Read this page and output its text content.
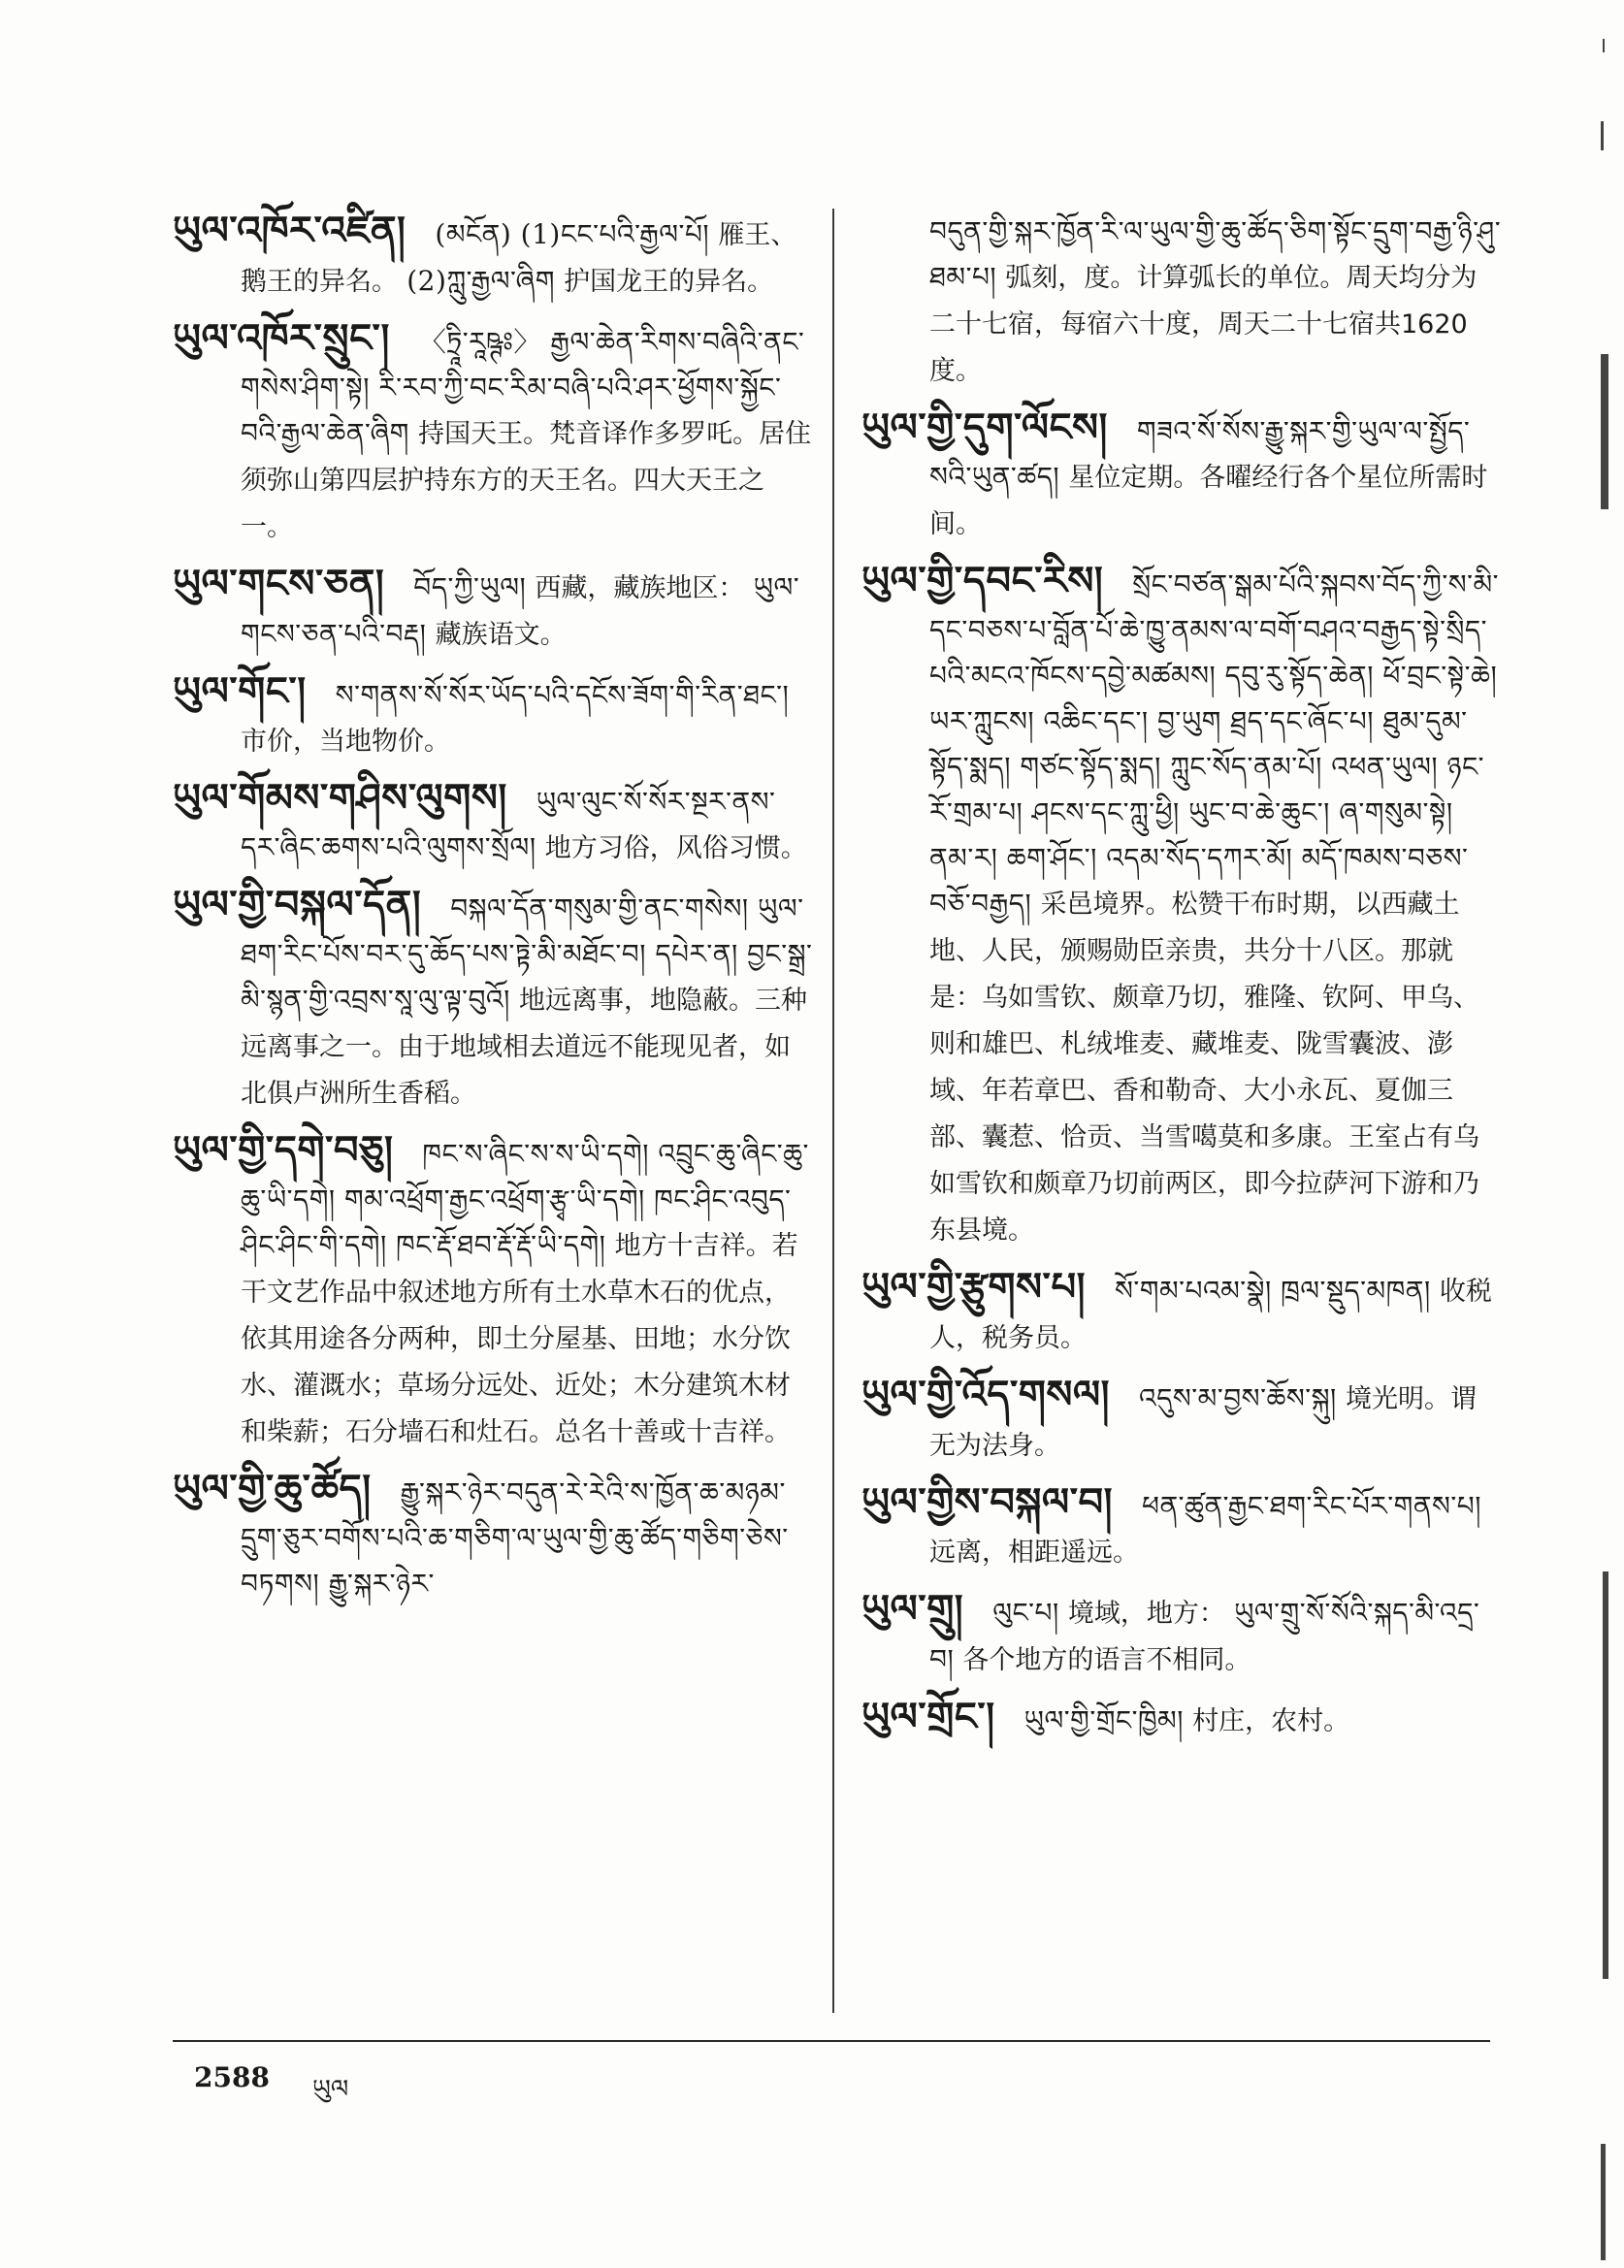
ཡུལ་འཁོར་འཛིན། (མངོན) (1)ངང་པའི་རྒྱལ་པོ། 雁王、鹅王的异名。 (2)ཀླུ་རྒྱལ་ཞིག 护国龙王的异名。
ཡུལ་འཁོར་སྲུང་། 〈ཏྲཱི་རཱཥྚཿ〉 རྒྱལ་ཆེན་རིགས་བཞིའི་ནང་གསེས་ཤིག་སྟེ། རི་རབ་ཀྱི་བང་རིམ་བཞི་པའི་ཤར་ཕྱོགས་སྐྱོང་བའི་རྒྱལ་ཆེན་ཞིག 持国天王。梵音译作多罗吒。居住须弥山第四层护持东方的天王名。四大天王之一。
ཡུལ་གངས་ཅན། བོད་ཀྱི་ཡུལ། 西藏，藏族地区： ཡུལ་གངས་ཅན་པའི་བརྡ། 藏族语文。
ཡུལ་གོང་། ས་གནས་སོ་སོར་ཡོད་པའི་དངོས་ཟོག་གི་རིན་ཐང་། 市价，当地物价。
ཡུལ་གོམས་གཤིས་ལུགས། ཡུལ་ལུང་སོ་སོར་སྔར་ནས་དར་ཞིང་ཆགས་པའི་ལུགས་སྲོལ། 地方习俗，风俗习惯。
ཡུལ་གྱི་བསྐལ་དོན། བསྐལ་དོན་གསུམ་གྱི་ནང་གསེས། ཡུལ་ཐག་རིང་པོས་བར་དུ་ཆོད་པས་ཏྟེ་མི་མཐོང་བ། དཔེར་ན། བྱང་སྒྲ་མི་སྙན་གྱི་འབྲས་སཱ་ལུ་ལྟ་བུའོ། 地远离事，地隐蔽。三种远离事之一。由于地域相去道远不能现见者，如北俱卢洲所生香稻。
ཡུལ་གྱི་དགེ་བཅུ། ཁང་ས་ཞིང་ས་ས་ཡི་དགེ། འབྲུང་ཆུ་ཞིང་ཆུ་ཆུ་ཡི་དགེ། གམ་འཕྲོག་རྒྱང་འཕྲོག་རྩྭ་ཡི་དགེ། ཁང་ཤིང་འབུད་ཤིང་ཤིང་གི་དགེ། ཁང་རྡོ་ཐབ་རྡོ་རྡོ་ཡི་དགེ། 地方十吉祥。若干文艺作品中叙述地方所有土水草木石的优点，依其用途各分两种，即土分屋基、田地；水分饮水、灌溉水；草场分远处、近处；木分建筑木材和柴薪；石分墙石和灶石。总名十善或十吉祥。
ཡུལ་གྱི་ཆུ་ཚོད། རྒྱུ་སྐར་ཉེར་བདུན་རེ་རེའི་ས་ཁྱོན་ཆ་མཉམ་དྲུག་ཅུར་བགོས་པའི་ཆ་གཅིག་ལ་ཡུལ་གྱི་ཆུ་ཚོད་གཅིག་ཅེས་བཏགས། རྒྱུ་སྐར་ཉེར་
བདུན་གྱི་སྐར་ཁྱོན་རི་ལ་ཡུལ་གྱི་ཆུ་ཚོད་ཅིག་སྟོང་དྲུག་བརྒྱ་ཉི་ཤུ་ཐམ་པ། 弧刻，度。计算弧长的单位。周天均分为二十七宿，每宿六十度，周天二十七宿共1620度。
ཡུལ་གྱི་དུག་ལོངས། གཟའ་སོ་སོས་རྒྱུ་སྐར་གྱི་ཡུལ་ལ་སྤྱོད་སའི་ཡུན་ཚད། 星位定期。各曜经行各个星位所需时间。
ཡུལ་གྱི་དབང་རིས། སྲོང་བཙན་སྒམ་པོའི་སྐབས་བོད་ཀྱི་ས་མི་དང་བཅས་པ་བློན་པོ་ཆེ་ཁྱུ་ནམས་ལ་བགོ་བཤའ་བརྒྱད་སྟེ་སྲིད་པའི་མངའ་ཁོངས་དབྱེ་མཚམས། དབུ་རུ་སྟོད་ཆེན། ཕོ་བྲང་སྟེ་ཆེ། ཡར་ཀླུངས། འཆིང་དང་། བྱ་ཡུག ཐྲད་དང་ཞོང་པ། ཐུམ་དུམ་སྟོད་སྨད། གཙང་སྟོད་སྨད། ཀླུང་སོད་ནམ་པོ། འཕན་ཡུལ། ཉང་རོ་གྲམ་པ། ཤངས་དང་ཀླུ་ཕྱི། ཡུང་བ་ཆེ་ཆུང་། ཞ་གསུམ་སྟེ། ནམ་ར། ཆག་ཤོང་། འདམ་སོད་དཀར་མོ། མདོ་ཁམས་བཅས་བཅོ་བརྒྱད། 采邑境界。松赞干布时期，以西藏土地、人民，颁赐勋臣亲贵，共分十八区。那就是：乌如雪钦、颇章乃切，雅隆、钦阿、甲乌、则和雄巴、札绒堆麦、藏堆麦、陇雪囊波、澎域、年若章巴、香和勒奇、大小永瓦、夏伽三部、囊惹、恰贡、当雪噶莫和多康。王室占有乌如雪钦和颇章乃切前两区，即今拉萨河下游和乃东县境。
ཡུལ་གྱི་རྩུགས་པ། སོ་གམ་པའམ་སྣེ། ཁྲལ་སྡུད་མཁན། 收税人，税务员。
ཡུལ་གྱི་འོད་གསལ། འདུས་མ་བྱས་ཆོས་སྐུ། 境光明。谓无为法身。
ཡུལ་གྱིས་བསྐལ་བ། ཕན་ཚུན་རྒྱང་ཐག་རིང་པོར་གནས་པ། 远离，相距遥远。
ཡུལ་གྲུ། ལུང་པ། 境域，地方： ཡུལ་གྲུ་སོ་སོའི་སྐད་མི་འདྲ་བ། 各个地方的语言不相同。
ཡུལ་གྲོང་། ཡུལ་གྱི་གྲོང་ཁྱིམ། 村庄，农村。
2588 ཡུལ
